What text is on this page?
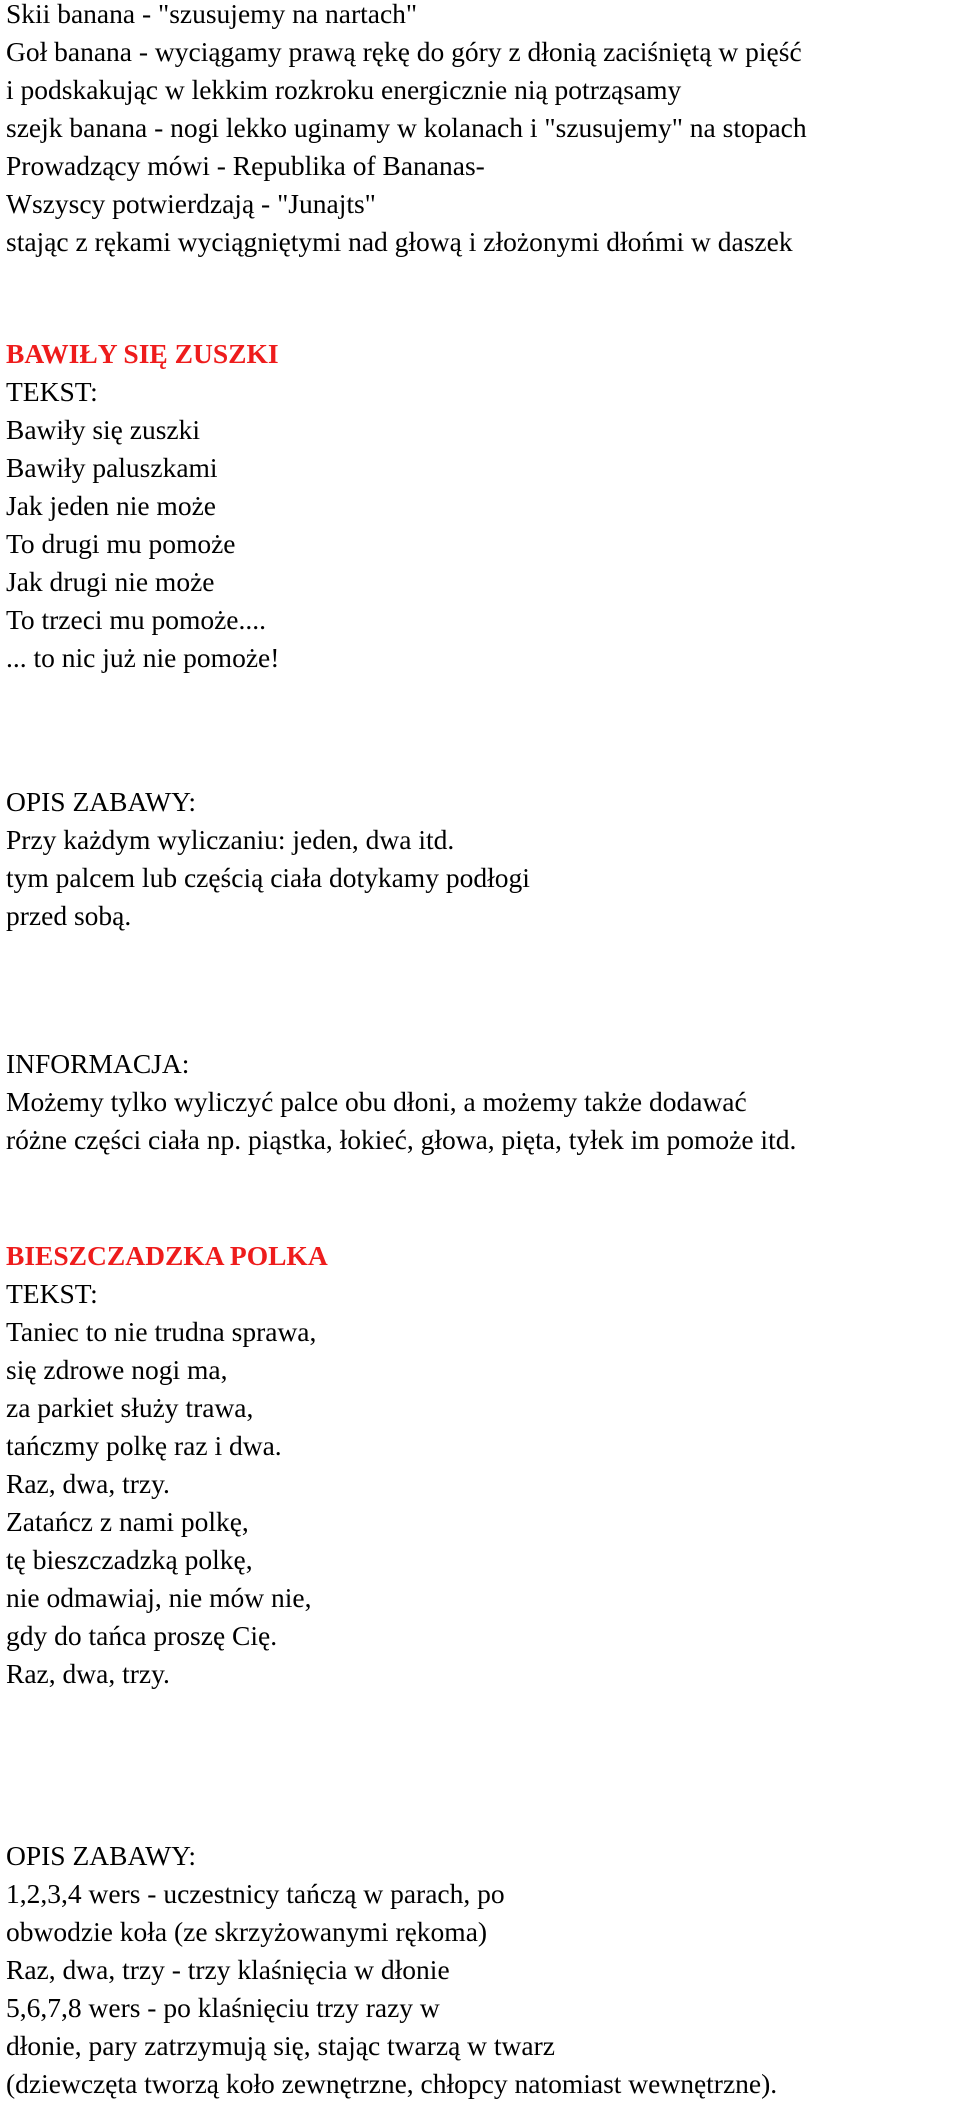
Skii banana - "szusujemy na nartach"

Goł banana - wyciągamy prawą rękę do góry z dłonią zaciśniętą w pięść

i podskakując w lekkim rozkroku energicznie nią potrząsamy

szejk banana - nogi lekko uginamy w kolanach i "szusujemy" na stopach

Prowadzący mówi - Republika of Bananas-

Wszyscy potwierdzają - "Junajts"

stając z rękami wyciągniętymi nad głową i złożonymi dłońmi w daszek

BAWIŁY SIĘ ZUSZKI

TEKST:

Bawiły się zuszki

Bawiły paluszkami

Jak jeden nie może

To drugi mu pomoże

Jak drugi nie może

To trzeci mu pomoże....

... to nic już nie pomoże!

OPIS ZABAWY:

Przy każdym wyliczaniu: jeden, dwa itd.

tym palcem lub częścią ciała dotykamy podłogi

przed sobą.

INFORMACJA:

Możemy tylko wyliczyć palce obu dłoni, a możemy także dodawać

różne części ciała np. piąstka, łokieć, głowa, pięta, tyłek im pomoże itd.

BIESZCZADZKA POLKA

TEKST:

Taniec to nie trudna sprawa,

się zdrowe nogi ma,

za parkiet służy trawa,

tańczmy polkę raz i dwa.

Raz, dwa, trzy.

Zatańcz z nami polkę,

tę bieszczadzką polkę,

nie odmawiaj, nie mów nie,

gdy do tańca proszę Cię.

Raz, dwa, trzy.

OPIS ZABAWY:

1,2,3,4 wers - uczestnicy tańczą w parach, po

obwodzie koła (ze skrzyżowanymi rękoma)

Raz, dwa, trzy - trzy klaśnięcia w dłonie

5,6,7,8 wers - po klaśnięciu trzy razy w

dłonie, pary zatrzymują się, stając twarzą w twarz

(dziewczęta tworzą koło zewnętrzne, chłopcy natomiast wewnętrzne).
